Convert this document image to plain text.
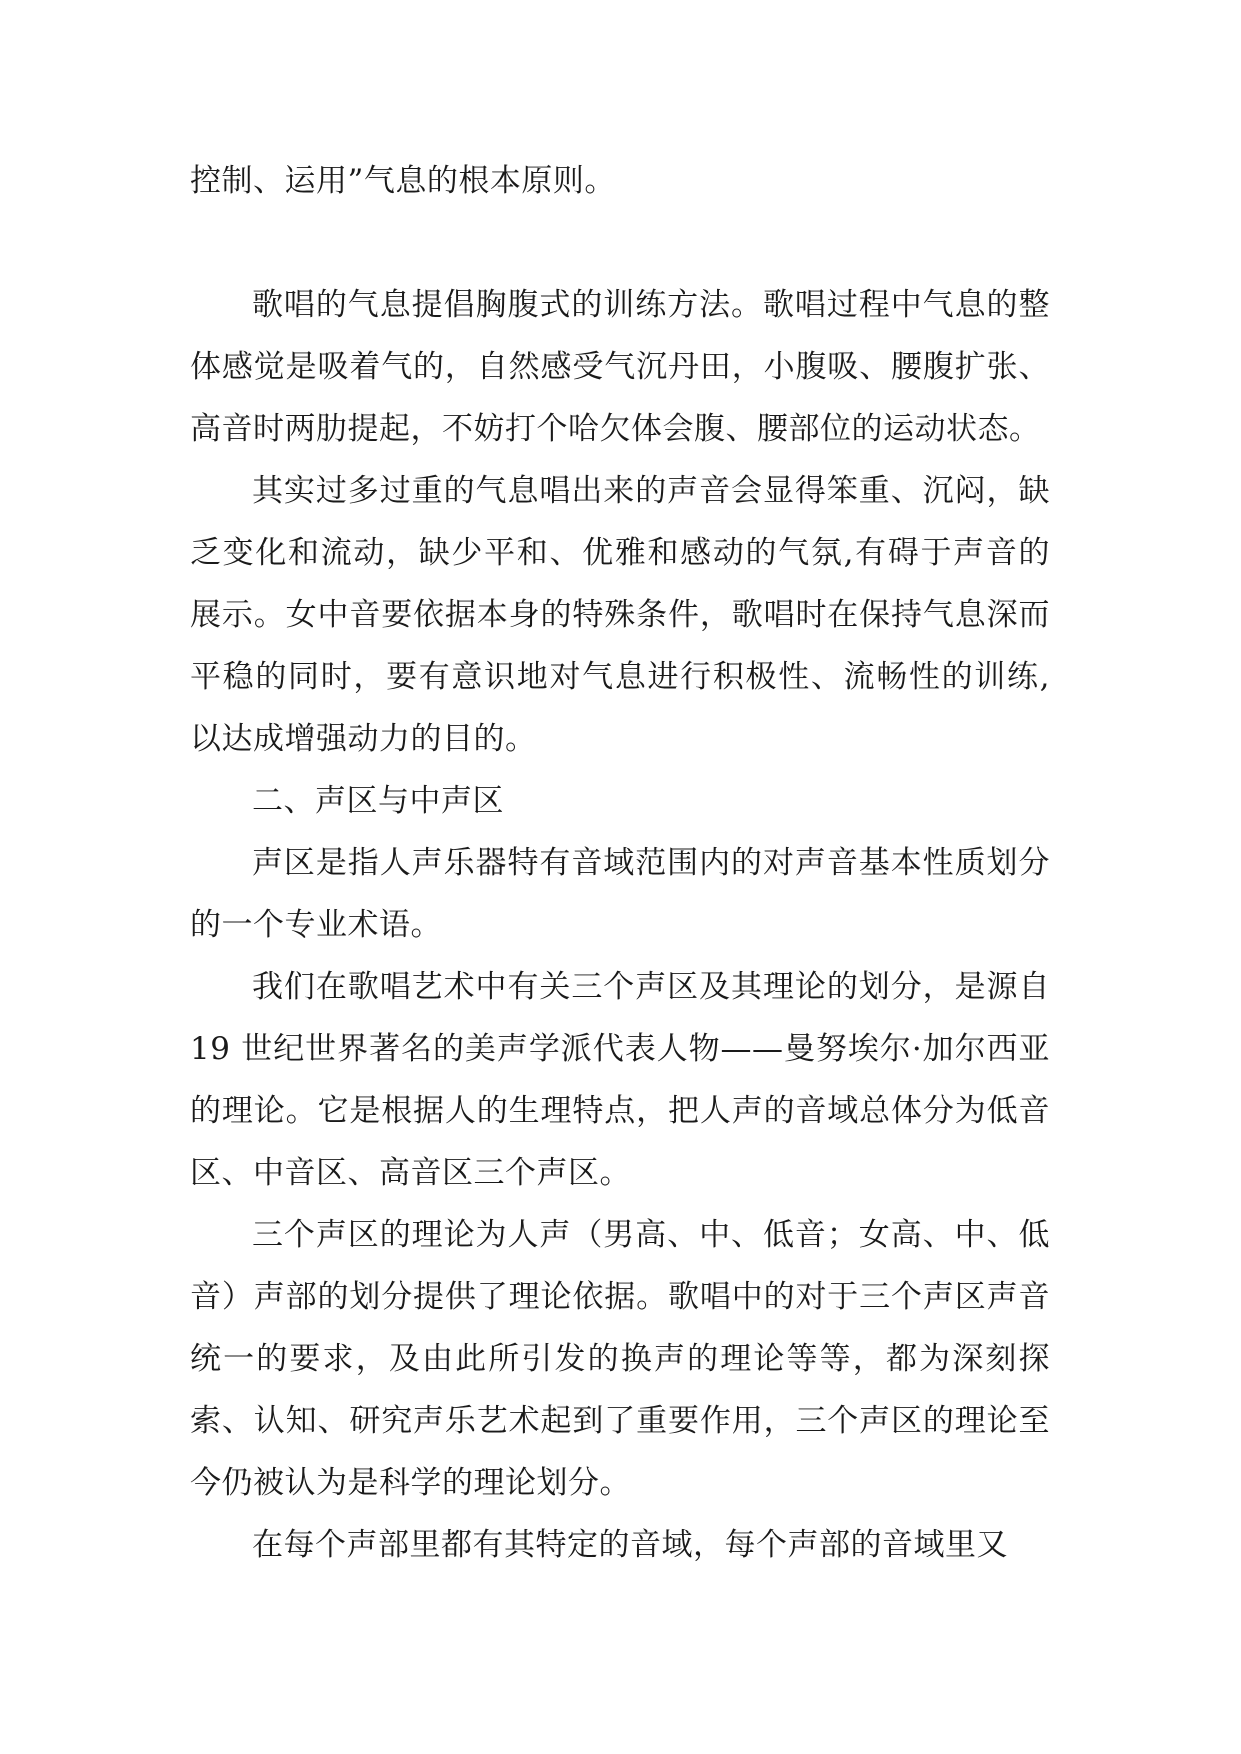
控制、运用”气息的根本原则。

歌唱的气息提倡胸腹式的训练方法。歌唱过程中气息的整体感觉是吸着气的，自然感受气沉丹田，小腹吸、腰腹扩张、高音时两肋提起，不妨打个哈欠体会腹、腰部位的运动状态。

其实过多过重的气息唱出来的声音会显得笨重、沉闷，缺乏变化和流动，缺少平和、优雅和感动的气氛,有碍于声音的展示。女中音要依据本身的特殊条件，歌唱时在保持气息深而平稳的同时，要有意识地对气息进行积极性、流畅性的训练,以达成增强动力的目的。

二、声区与中声区

声区是指人声乐器特有音域范围内的对声音基本性质划分的一个专业术语。

我们在歌唱艺术中有关三个声区及其理论的划分，是源自 19 世纪世界著名的美声学派代表人物——曼努埃尔·加尔西亚的理论。它是根据人的生理特点，把人声的音域总体分为低音区、中音区、高音区三个声区。

三个声区的理论为人声（男高、中、低音；女高、中、低音）声部的划分提供了理论依据。歌唱中的对于三个声区声音统一的要求，及由此所引发的换声的理论等等，都为深刻探索、认知、研究声乐艺术起到了重要作用，三个声区的理论至今仍被认为是科学的理论划分。

在每个声部里都有其特定的音域，每个声部的音域里又
